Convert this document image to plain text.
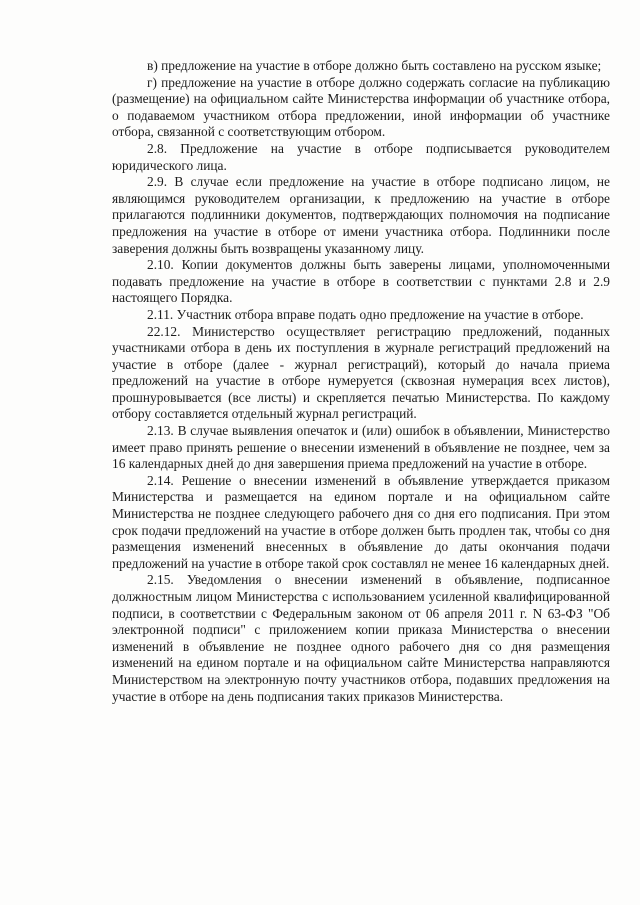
в) предложение на участие в отборе должно быть составлено на русском языке;

г) предложение на участие в отборе должно содержать согласие на публикацию (размещение) на официальном сайте Министерства информации об участнике отбора, о подаваемом участником отбора предложении, иной информации об участнике отбора, связанной с соответствующим отбором.

2.8. Предложение на участие в отборе подписывается руководителем юридического лица.

2.9. В случае если предложение на участие в отборе подписано лицом, не являющимся руководителем организации, к предложению на участие в отборе прилагаются подлинники документов, подтверждающих полномочия на подписание предложения на участие в отборе от имени участника отбора. Подлинники после заверения должны быть возвращены указанному лицу.

2.10. Копии документов должны быть заверены лицами, уполномоченными подавать предложение на участие в отборе в соответствии с пунктами 2.8 и 2.9 настоящего Порядка.

2.11. Участник отбора вправе подать одно предложение на участие в отборе.

22.12. Министерство осуществляет регистрацию предложений, поданных участниками отбора в день их поступления в журнале регистраций предложений на участие в отборе (далее - журнал регистраций), который до начала приема предложений на участие в отборе нумеруется (сквозная нумерация всех листов), прошнуровывается (все листы) и скрепляется печатью Министерства. По каждому отбору составляется отдельный журнал регистраций.

2.13. В случае выявления опечаток и (или) ошибок в объявлении, Министерство имеет право принять решение о внесении изменений в объявление не позднее, чем за 16 календарных дней до дня завершения приема предложений на участие в отборе.

2.14. Решение о внесении изменений в объявление утверждается приказом Министерства и размещается на едином портале и на официальном сайте Министерства не позднее следующего рабочего дня со дня его подписания. При этом срок подачи предложений на участие в отборе должен быть продлен так, чтобы со дня размещения изменений внесенных в объявление до даты окончания подачи предложений на участие в отборе такой срок составлял не менее 16 календарных дней.

2.15. Уведомления о внесении изменений в объявление, подписанное должностным лицом Министерства с использованием усиленной квалифицированной подписи, в соответствии с Федеральным законом от 06 апреля 2011 г. N 63-ФЗ "Об электронной подписи" с приложением копии приказа Министерства о внесении изменений в объявление не позднее одного рабочего дня со дня размещения изменений на едином портале и на официальном сайте Министерства направляются Министерством на электронную почту участников отбора, подавших предложения на участие в отборе на день подписания таких приказов Министерства.
